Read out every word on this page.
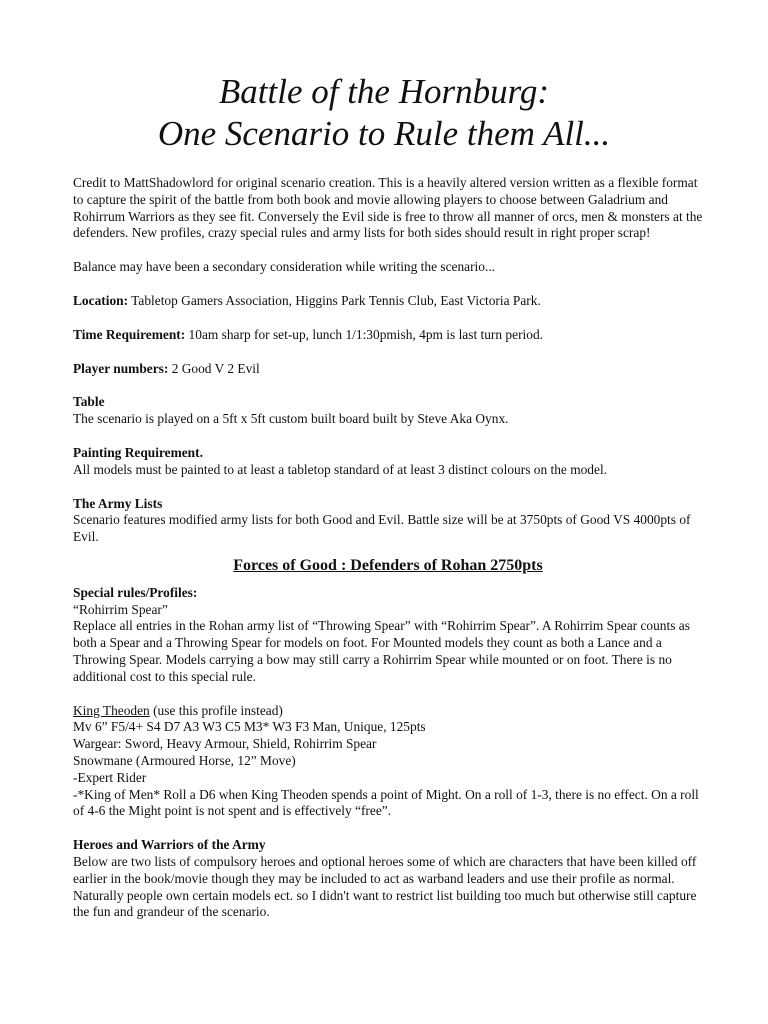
Battle of the Hornburg:
One Scenario to Rule them All...

Credit to MattShadowlord for original scenario creation. This is a heavily altered version written as a flexible format to capture the spirit of the battle from both book and movie allowing players to choose between Galadrium and Rohirrum Warriors as they see fit. Conversely the Evil side is free to throw all manner of orcs, men & monsters at the defenders. New profiles, crazy special rules and army lists for both sides should result in right proper scrap!

Balance may have been a secondary consideration while writing the scenario...

Location: Tabletop Gamers Association, Higgins Park Tennis Club, East Victoria Park.

Time Requirement: 10am sharp for set-up, lunch 1/1:30pmish, 4pm is last turn period.

Player numbers: 2 Good V 2 Evil

Table

The scenario is played on a 5ft x 5ft custom built board built by Steve Aka Oynx.

Painting Requirement.

All models must be painted to at least a tabletop standard of at least 3 distinct colours on the model.

The Army Lists

Scenario features modified army lists for both Good and Evil. Battle size will be at 3750pts of Good VS 4000pts of Evil.

Forces of Good : Defenders of Rohan 2750pts

Special rules/Profiles:

“Rohirrim Spear”

Replace all entries in the Rohan army list of “Throwing Spear” with “Rohirrim Spear”. A Rohirrim Spear counts as both a Spear and a Throwing Spear for models on foot. For Mounted models they count as both a Lance and a Throwing Spear. Models carrying a bow may still carry a Rohirrim Spear while mounted or on foot. There is no additional cost to this special rule.

King Theoden (use this profile instead)

Mv 6” F5/4+ S4 D7 A3 W3 C5 M3* W3 F3 Man, Unique, 125pts

Wargear: Sword, Heavy Armour, Shield, Rohirrim Spear

Snowmane (Armoured Horse, 12” Move)

-Expert Rider

-*King of Men* Roll a D6 when King Theoden spends a point of Might. On a roll of 1-3, there is no effect. On a roll of 4-6 the Might point is not spent and is effectively “free”.

Heroes and Warriors of the Army

Below are two lists of compulsory heroes and optional heroes some of which are characters that have been killed off earlier in the book/movie though they may be included to act as warband leaders and use their profile as normal. Naturally people own certain models ect. so I didn't want to restrict list building too much but otherwise still capture the fun and grandeur of the scenario.
